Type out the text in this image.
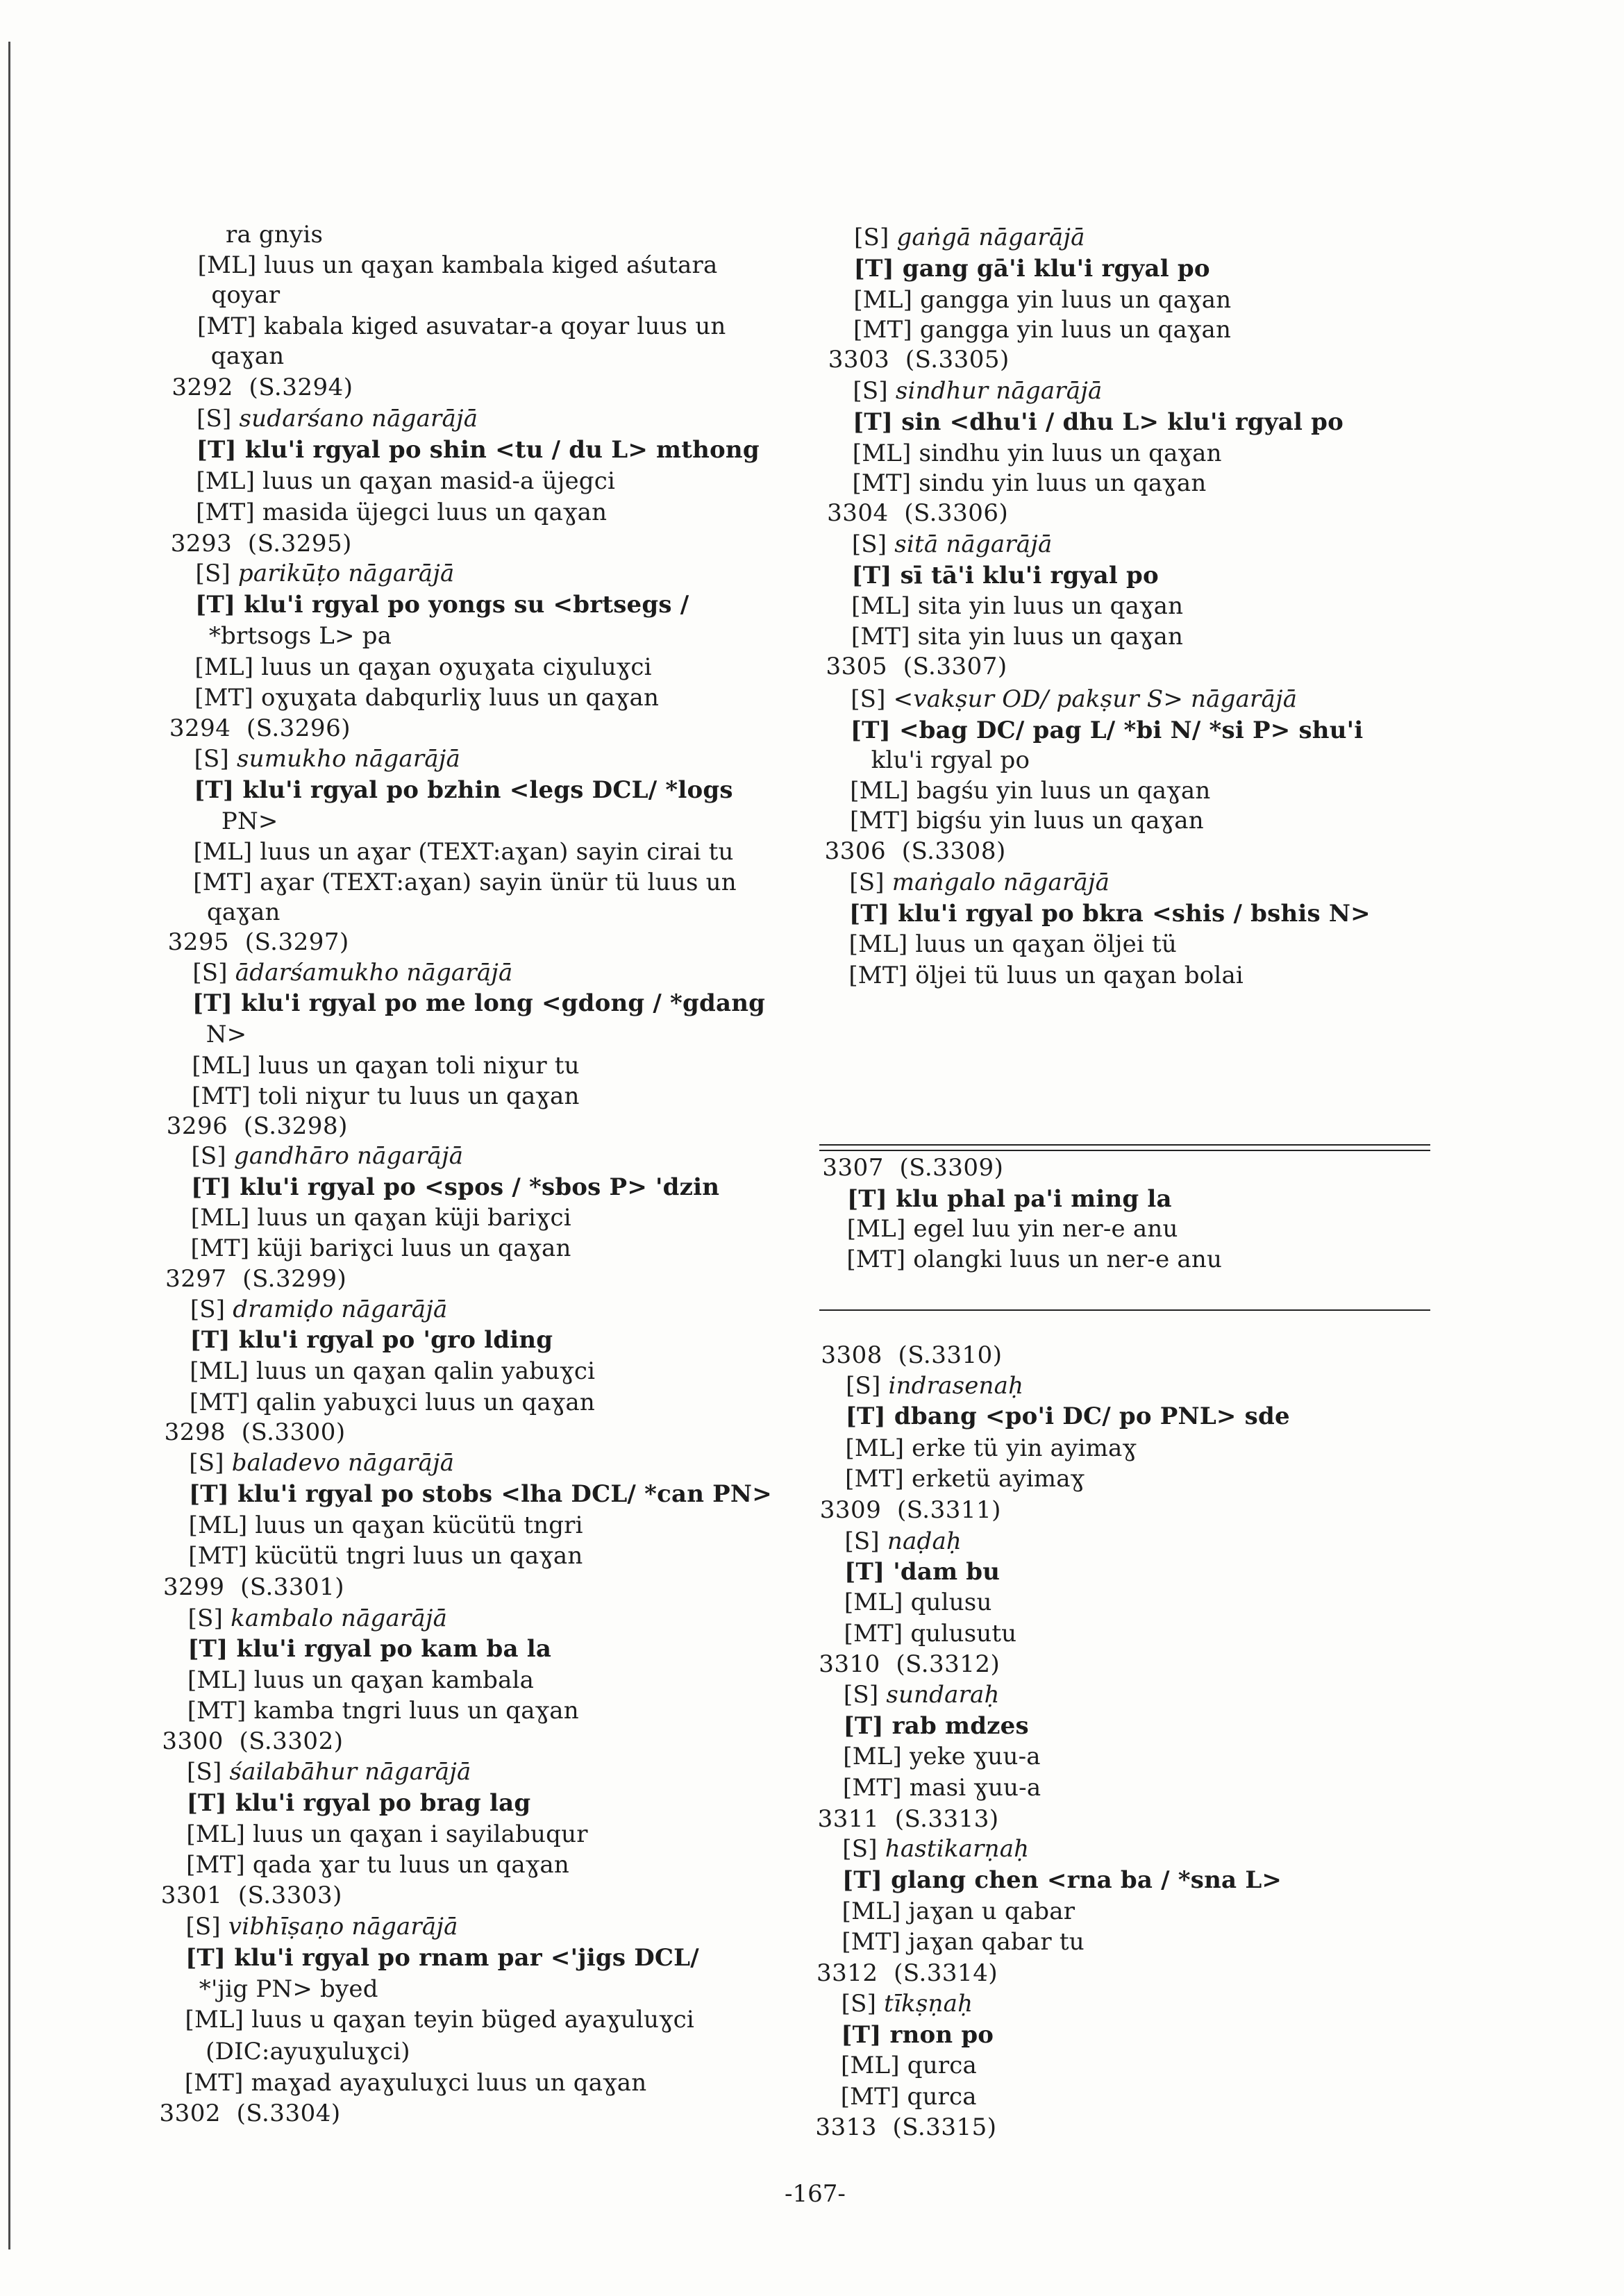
ra gnyis
[ML] luus un qaɣan kambala kiged aśutara
qoyar
[MT] kabala kiged asuvatar-a qoyar luus un
qaɣan
3292  (S.3294)
[S] sudarśano nāgarājā
[T] klu'i rgyal po shin <tu / du L> mthong
[ML] luus un qaɣan masid-a üjegci
[MT] masida üjegci luus un qaɣan
3293  (S.3295)
[S] parikūṭo nāgarājā
[T] klu'i rgyal po yongs su <brtsegs /
*brtsogs L> pa
[ML] luus un qaɣan oɣuɣata ciɣuluɣci
[MT] oɣuɣata dabqurliɣ luus un qaɣan
3294  (S.3296)
[S] sumukho nāgarājā
[T] klu'i rgyal po bzhin <legs DCL/ *logs
PN>
[ML] luus un aɣar (TEXT:aɣan) sayin cirai tu
[MT] aɣar (TEXT:aɣan) sayin ünür tü luus un
qaɣan
3295  (S.3297)
[S] ādarśamukho nāgarājā
[T] klu'i rgyal po me long <gdong / *gdang
N>
[ML] luus un qaɣan toli niɣur tu
[MT] toli niɣur tu luus un qaɣan
3296  (S.3298)
[S] gandhāro nāgarājā
[T] klu'i rgyal po <spos / *sbos P> 'dzin
[ML] luus un qaɣan küji bariɣci
[MT] küji bariɣci luus un qaɣan
3297  (S.3299)
[S] dramiḍo nāgarājā
[T] klu'i rgyal po 'gro lding
[ML] luus un qaɣan qalin yabuɣci
[MT] qalin yabuɣci luus un qaɣan
3298  (S.3300)
[S] baladevo nāgarājā
[T] klu'i rgyal po stobs <lha DCL/ *can PN>
[ML] luus un qaɣan kücütü tngri
[MT] kücütü tngri luus un qaɣan
3299  (S.3301)
[S] kambalo nāgarājā
[T] klu'i rgyal po kam ba la
[ML] luus un qaɣan kambala
[MT] kamba tngri luus un qaɣan
3300  (S.3302)
[S] śailabāhur nāgarājā
[T] klu'i rgyal po brag lag
[ML] luus un qaɣan i sayilabuqur
[MT] qada ɣar tu luus un qaɣan
3301  (S.3303)
[S] vibhīṣaṇo nāgarājā
[T] klu'i rgyal po rnam par <'jigs DCL/
*'jig PN> byed
[ML] luus u qaɣan teyin büged ayaɣuluɣci
(DIC:ayuɣuluɣci)
[MT] maɣad ayaɣuluɣci luus un qaɣan
3302  (S.3304)
[S] gaṅgā nāgarājā
[T] gang gā'i klu'i rgyal po
[ML] gangga yin luus un qaɣan
[MT] gangga yin luus un qaɣan
3303  (S.3305)
[S] sindhur nāgarājā
[T] sin <dhu'i / dhu L> klu'i rgyal po
[ML] sindhu yin luus un qaɣan
[MT] sindu yin luus un qaɣan
3304  (S.3306)
[S] sitā nāgarājā
[T] sī tā'i klu'i rgyal po
[ML] sita yin luus un qaɣan
[MT] sita yin luus un qaɣan
3305  (S.3307)
[S] <vakṣur OD/ pakṣur S> nāgarājā
[T] <bag DC/ pag L/ *bi N/ *si P> shu'i
klu'i rgyal po
[ML] bagśu yin luus un qaɣan
[MT] bigśu yin luus un qaɣan
3306  (S.3308)
[S] maṅgalo nāgarājā
[T] klu'i rgyal po bkra <shis / bshis N>
[ML] luus un qaɣan öljei tü
[MT] öljei tü luus un qaɣan bolai
3307  (S.3309)
[T] klu phal pa'i ming la
[ML] egel luu yin ner-e anu
[MT] olangki luus un ner-e anu
3308  (S.3310)
[S] indrasenaḥ
[T] dbang <po'i DC/ po PNL> sde
[ML] erke tü yin ayimaɣ
[MT] erketü ayimaɣ
3309  (S.3311)
[S] naḍaḥ
[T] 'dam bu
[ML] qulusu
[MT] qulusutu
3310  (S.3312)
[S] sundaraḥ
[T] rab mdzes
[ML] yeke ɣuu-a
[MT] masi ɣuu-a
3311  (S.3313)
[S] hastikarṇaḥ
[T] glang chen <rna ba / *sna L>
[ML] jaɣan u qabar
[MT] jaɣan qabar tu
3312  (S.3314)
[S] tīkṣṇaḥ
[T] rnon po
[ML] qurca
[MT] qurca
3313  (S.3315)
-167-
